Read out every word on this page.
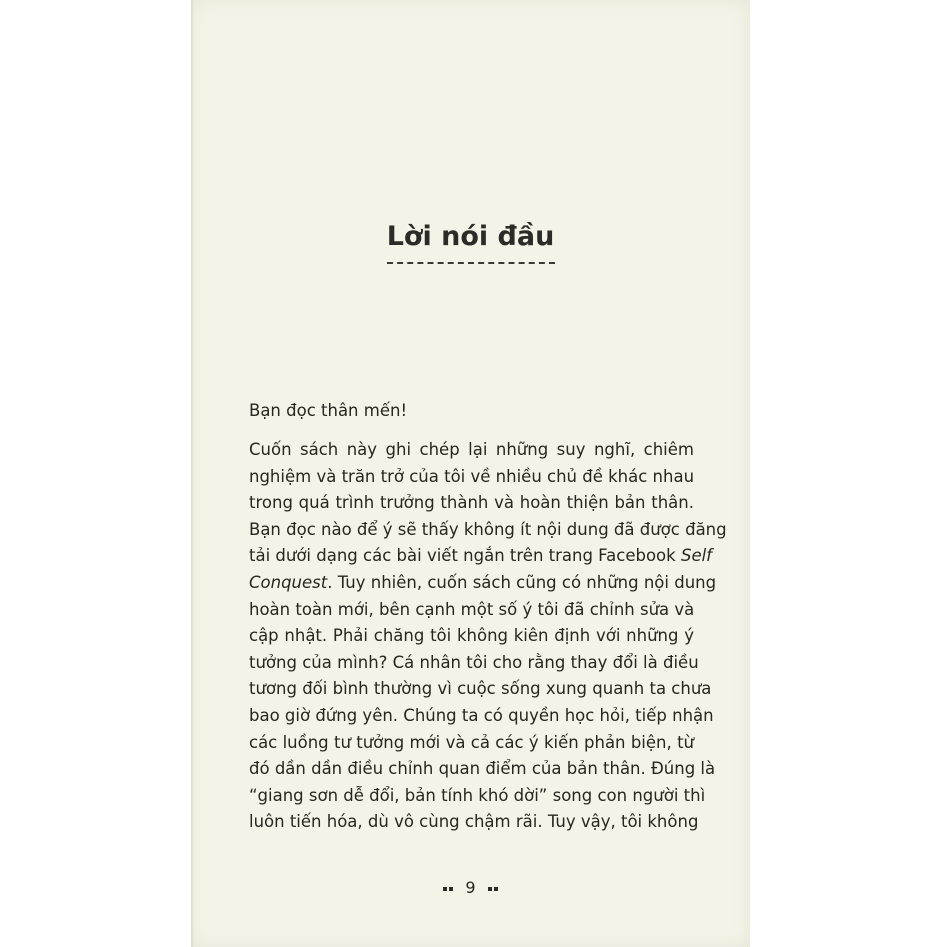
Lời nói đầu

Bạn đọc thân mến!

Cuốn sách này ghi chép lại những suy nghĩ, chiêm
nghiệm và trăn trở của tôi về nhiều chủ đề khác nhau
trong quá trình trưởng thành và hoàn thiện bản thân.
Bạn đọc nào để ý sẽ thấy không ít nội dung đã được đăng
tải dưới dạng các bài viết ngắn trên trang Facebook Self
Conquest. Tuy nhiên, cuốn sách cũng có những nội dung
hoàn toàn mới, bên cạnh một số ý tôi đã chỉnh sửa và
cập nhật. Phải chăng tôi không kiên định với những ý
tưởng của mình? Cá nhân tôi cho rằng thay đổi là điều
tương đối bình thường vì cuộc sống xung quanh ta chưa
bao giờ đứng yên. Chúng ta có quyền học hỏi, tiếp nhận
các luồng tư tưởng mới và cả các ý kiến phản biện, từ
đó dần dần điều chỉnh quan điểm của bản thân. Đúng là
“giang sơn dễ đổi, bản tính khó dời” song con người thì
luôn tiến hóa, dù vô cùng chậm rãi. Tuy vậy, tôi không

9
